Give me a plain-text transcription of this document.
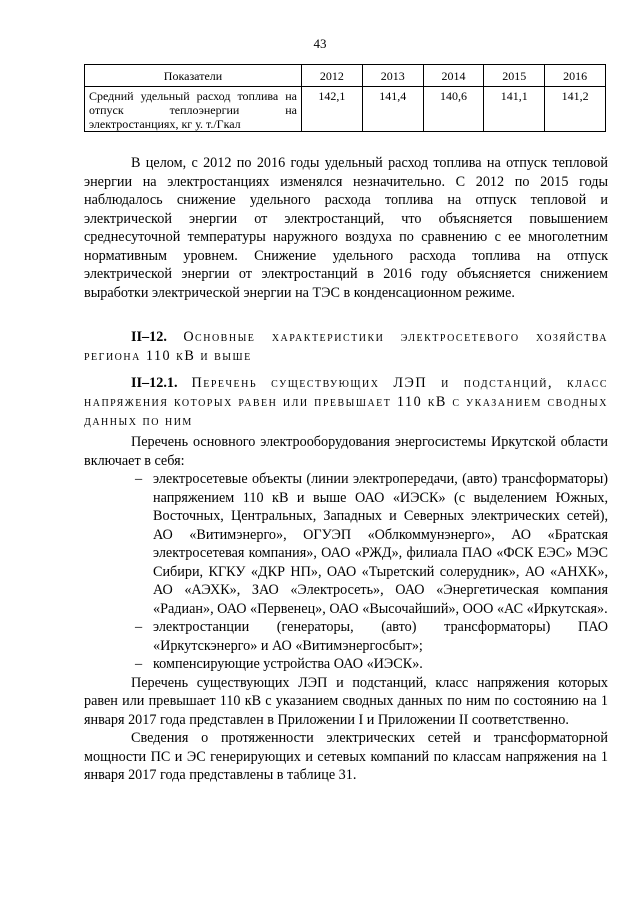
43
Показатели	2012	2013	2014	2015	2016
Средний удельный расход топлива на отпуск теплоэнергии на электростанциях, кг у. т./Гкал	142,1	141,4	140,6	141,1	141,2

В целом, с 2012 по 2016 годы удельный расход топлива на отпуск тепловой энергии на электростанциях изменялся незначительно. С 2012 по 2015 годы наблюдалось снижение удельного расхода топлива на отпуск тепловой и электрической энергии от электростанций, что объясняется повышением среднесуточной температуры наружного воздуха по сравнению с ее многолетним нормативным уровнем. Снижение удельного расхода топлива на отпуск электрической энергии от электростанций в 2016 году объясняется снижением выработки электрической энергии на ТЭС в конденсационном режиме.

II–12. Основные характеристики электросетевого хозяйства региона 110 кВ и выше
II–12.1. Перечень существующих ЛЭП и подстанций, класс напряжения которых равен или превышает 110 кВ с указанием сводных данных по ним

Перечень основного электрооборудования энергосистемы Иркутской области включает в себя:

– электросетевые объекты (линии электропередачи, (авто) трансформаторы) напряжением 110 кВ и выше ОАО «ИЭСК» (с выделением Южных, Восточных, Центральных, Западных и Северных электрических сетей), АО «Витимэнерго», ОГУЭП «Облкоммунэнерго», АО «Братская электросетевая компания», ОАО «РЖД», филиала ПАО «ФСК ЕЭС» МЭС Сибири, КГКУ «ДКР НП», ОАО «Тыретский солерудник», АО «АНХК», АО «АЭХК», ЗАО «Электросеть», ОАО «Энергетическая компания «Радиан», ОАО «Первенец», ОАО «Высочайший», ООО «АС «Иркутская».
– электростанции (генераторы, (авто) трансформаторы) ПАО «Иркутскэнерго» и АО «Витимэнергосбыт»;
– компенсирующие устройства ОАО «ИЭСК».

Перечень существующих ЛЭП и подстанций, класс напряжения которых равен или превышает 110 кВ с указанием сводных данных по ним по состоянию на 1 января 2017 года представлен в Приложении I и Приложении II соответственно.

Сведения о протяженности электрических сетей и трансформаторной мощности ПС и ЭС генерирующих и сетевых компаний по классам напряжения на 1 января 2017 года представлены в таблице 31.
